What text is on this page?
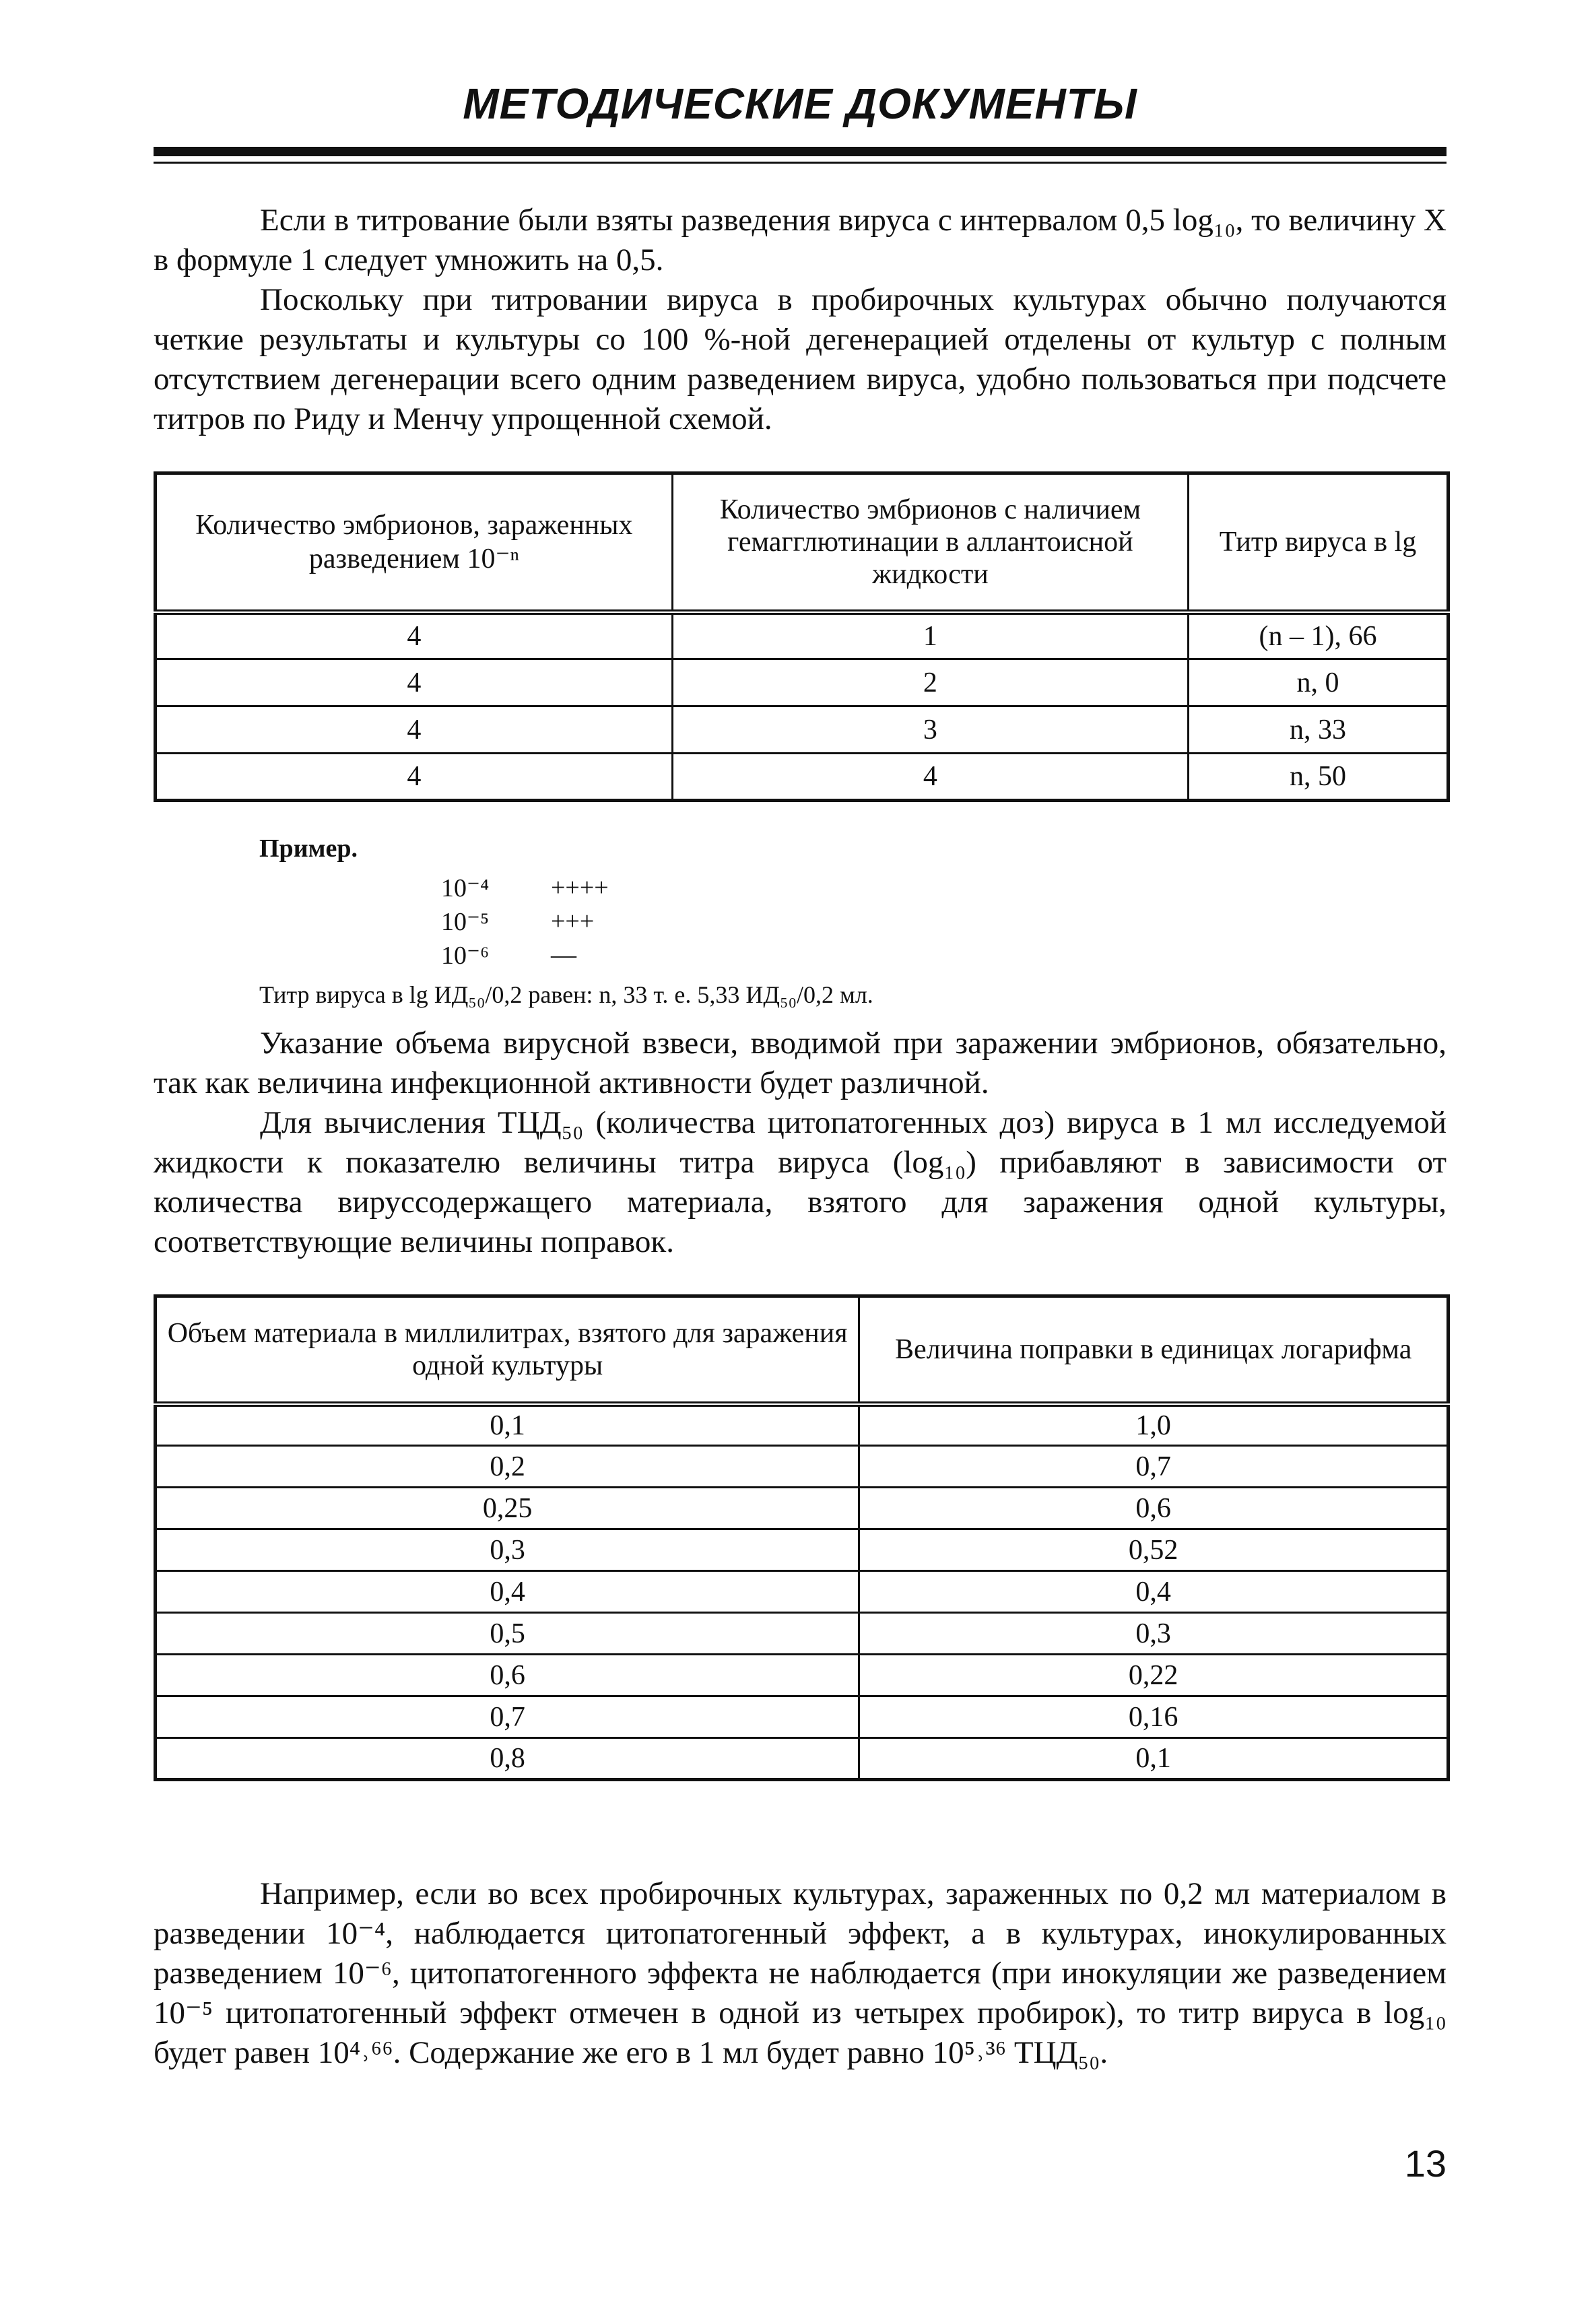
МЕТОДИЧЕСКИЕ ДОКУМЕНТЫ

Если в титрование были взяты разведения вируса с интервалом 0,5 log₁₀, то величину X в формуле 1 следует умножить на 0,5.

Поскольку при титровании вируса в пробирочных культурах обычно получаются четкие результаты и культуры со 100 %-ной дегенерацией отделены от культур с полным отсутствием дегенерации всего одним разведением вируса, удобно пользоваться при подсчете титров по Риду и Менчу упрощенной схемой.

Количество эмбрионов, зараженных разведением 10⁻ⁿ	Количество эмбрионов с наличием гемагглютинации в аллантоисной жидкости	Титр вируса в lg
4	1	(n – 1), 66
4	2	n, 0
4	3	n, 33
4	4	n, 50
Пример.
10⁻⁴ ++++
10⁻⁵ +++
10⁻⁶ —
Титр вируса в lg ИД₅₀/0,2 равен: n, 33 т. е. 5,33 ИД₅₀/0,2 мл.

Указание объема вирусной взвеси, вводимой при заражении эмбрионов, обязательно, так как величина инфекционной активности будет различной.

Для вычисления ТЦД₅₀ (количества цитопатогенных доз) вируса в 1 мл исследуемой жидкости к показателю величины титра вируса (log₁₀) прибавляют в зависимости от количества вируссодержащего материала, взятого для заражения одной культуры, соответствующие величины поправок.

Объем материала в миллилитрах, взятого для заражения одной культуры	Величина поправки в единицах логарифма
0,1	1,0
0,2	0,7
0,25	0,6
0,3	0,52
0,4	0,4
0,5	0,3
0,6	0,22
0,7	0,16
0,8	0,1

Например, если во всех пробирочных культурах, зараженных по 0,2 мл материалом в разведении 10⁻⁴, наблюдается цитопатогенный эффект, а в культурах, инокулированных разведением 10⁻⁶, цитопатогенного эффекта не наблюдается (при инокуляции же разведением 10⁻⁵ цитопатогенный эффект отмечен в одной из четырех пробирок), то титр вируса в log₁₀ будет равен 10⁴˒⁶⁶. Содержание же его в 1 мл будет равно 10⁵˒³⁶ ТЦД₅₀.

13
